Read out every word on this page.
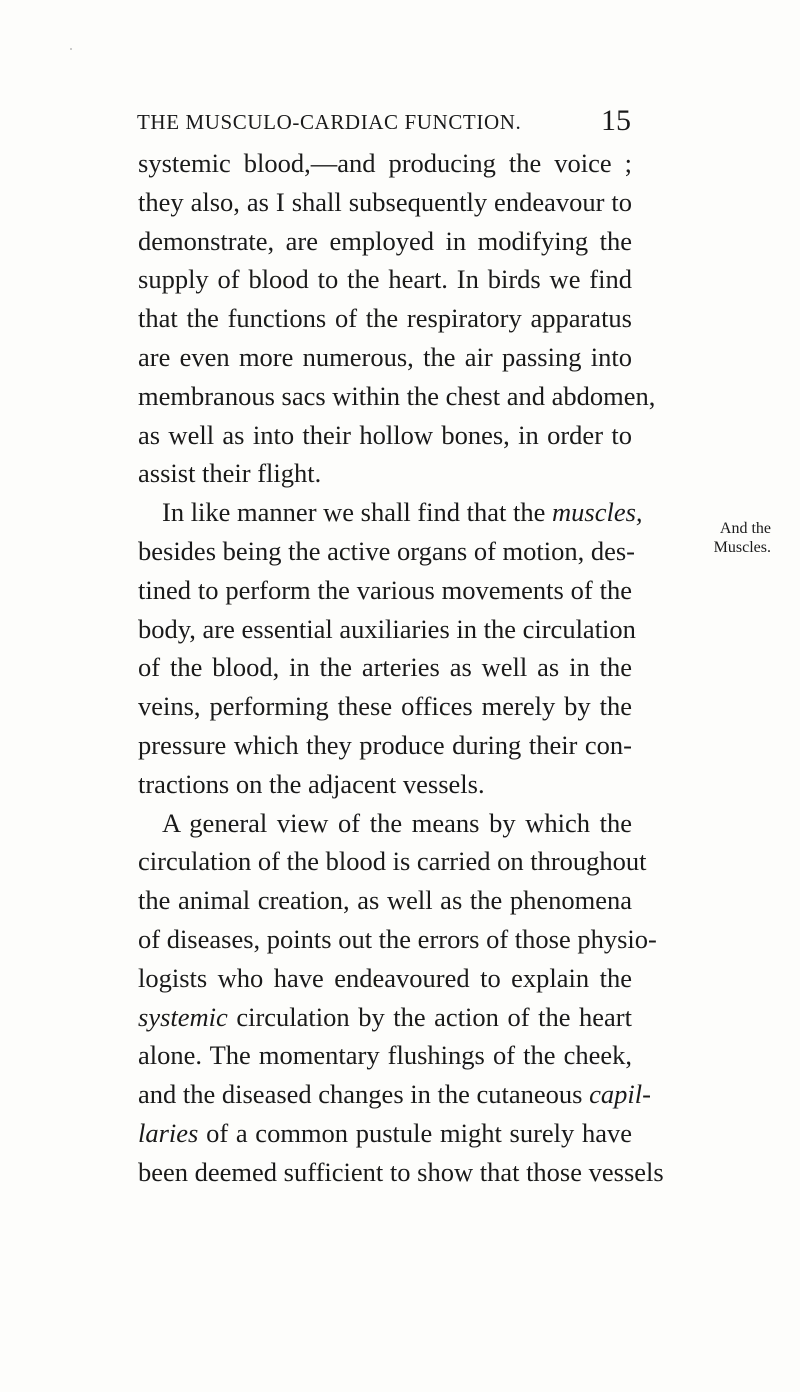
THE MUSCULO-CARDIAC FUNCTION.	15
systemic blood,—and producing the voice ;
they also, as I shall subsequently endeavour to
demonstrate, are employed in modifying the
supply of blood to the heart. In birds we find
that the functions of the respiratory apparatus
are even more numerous, the air passing into
membranous sacs within the chest and abdomen,
as well as into their hollow bones, in order to
assist their flight.
In like manner we shall find that the muscles,
besides being the active organs of motion, des-
tined to perform the various movements of the
body, are essential auxiliaries in the circulation
of the blood, in the arteries as well as in the
veins, performing these offices merely by the
pressure which they produce during their con-
tractions on the adjacent vessels.
A general view of the means by which the
circulation of the blood is carried on throughout
the animal creation, as well as the phenomena
of diseases, points out the errors of those physio-
logists who have endeavoured to explain the
systemic circulation by the action of the heart
alone. The momentary flushings of the cheek,
and the diseased changes in the cutaneous capil-
laries of a common pustule might surely have
been deemed sufficient to show that those vessels
And the
Muscles.
